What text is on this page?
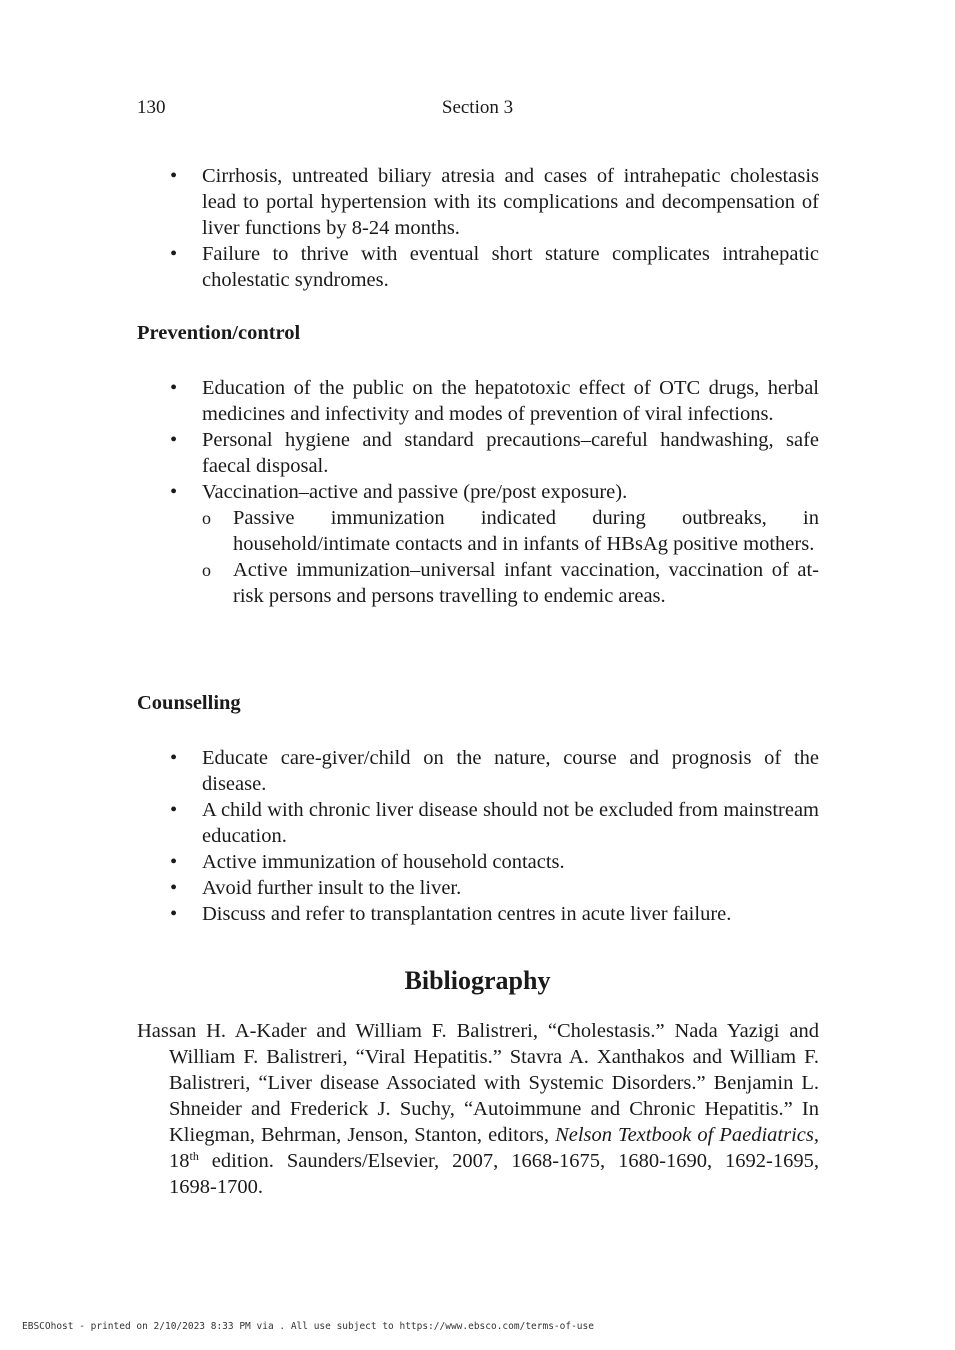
130	Section 3
• Cirrhosis, untreated biliary atresia and cases of intrahepatic cholestasis lead to portal hypertension with its complications and decompensation of liver functions by 8-24 months.
• Failure to thrive with eventual short stature complicates intrahepatic cholestatic syndromes.
Prevention/control
• Education of the public on the hepatotoxic effect of OTC drugs, herbal medicines and infectivity and modes of prevention of viral infections.
• Personal hygiene and standard precautions–careful handwashing, safe faecal disposal.
• Vaccination–active and passive (pre/post exposure).
o Passive immunization indicated during outbreaks, in household/intimate contacts and in infants of HBsAg positive mothers.
o Active immunization–universal infant vaccination, vaccination of at-risk persons and persons travelling to endemic areas.
Counselling
• Educate care-giver/child on the nature, course and prognosis of the disease.
• A child with chronic liver disease should not be excluded from mainstream education.
• Active immunization of household contacts.
• Avoid further insult to the liver.
• Discuss and refer to transplantation centres in acute liver failure.
Bibliography
Hassan H. A-Kader and William F. Balistreri, “Cholestasis.” Nada Yazigi and William F. Balistreri, “Viral Hepatitis.” Stavra A. Xanthakos and William F. Balistreri, “Liver disease Associated with Systemic Disorders.” Benjamin L. Shneider and Frederick J. Suchy, “Autoimmune and Chronic Hepatitis.” In Kliegman, Behrman, Jenson, Stanton, editors, Nelson Textbook of Paediatrics, 18th edition. Saunders/Elsevier, 2007, 1668-1675, 1680-1690, 1692-1695, 1698-1700.
EBSCOhost - printed on 2/10/2023 8:33 PM via . All use subject to https://www.ebsco.com/terms-of-use
